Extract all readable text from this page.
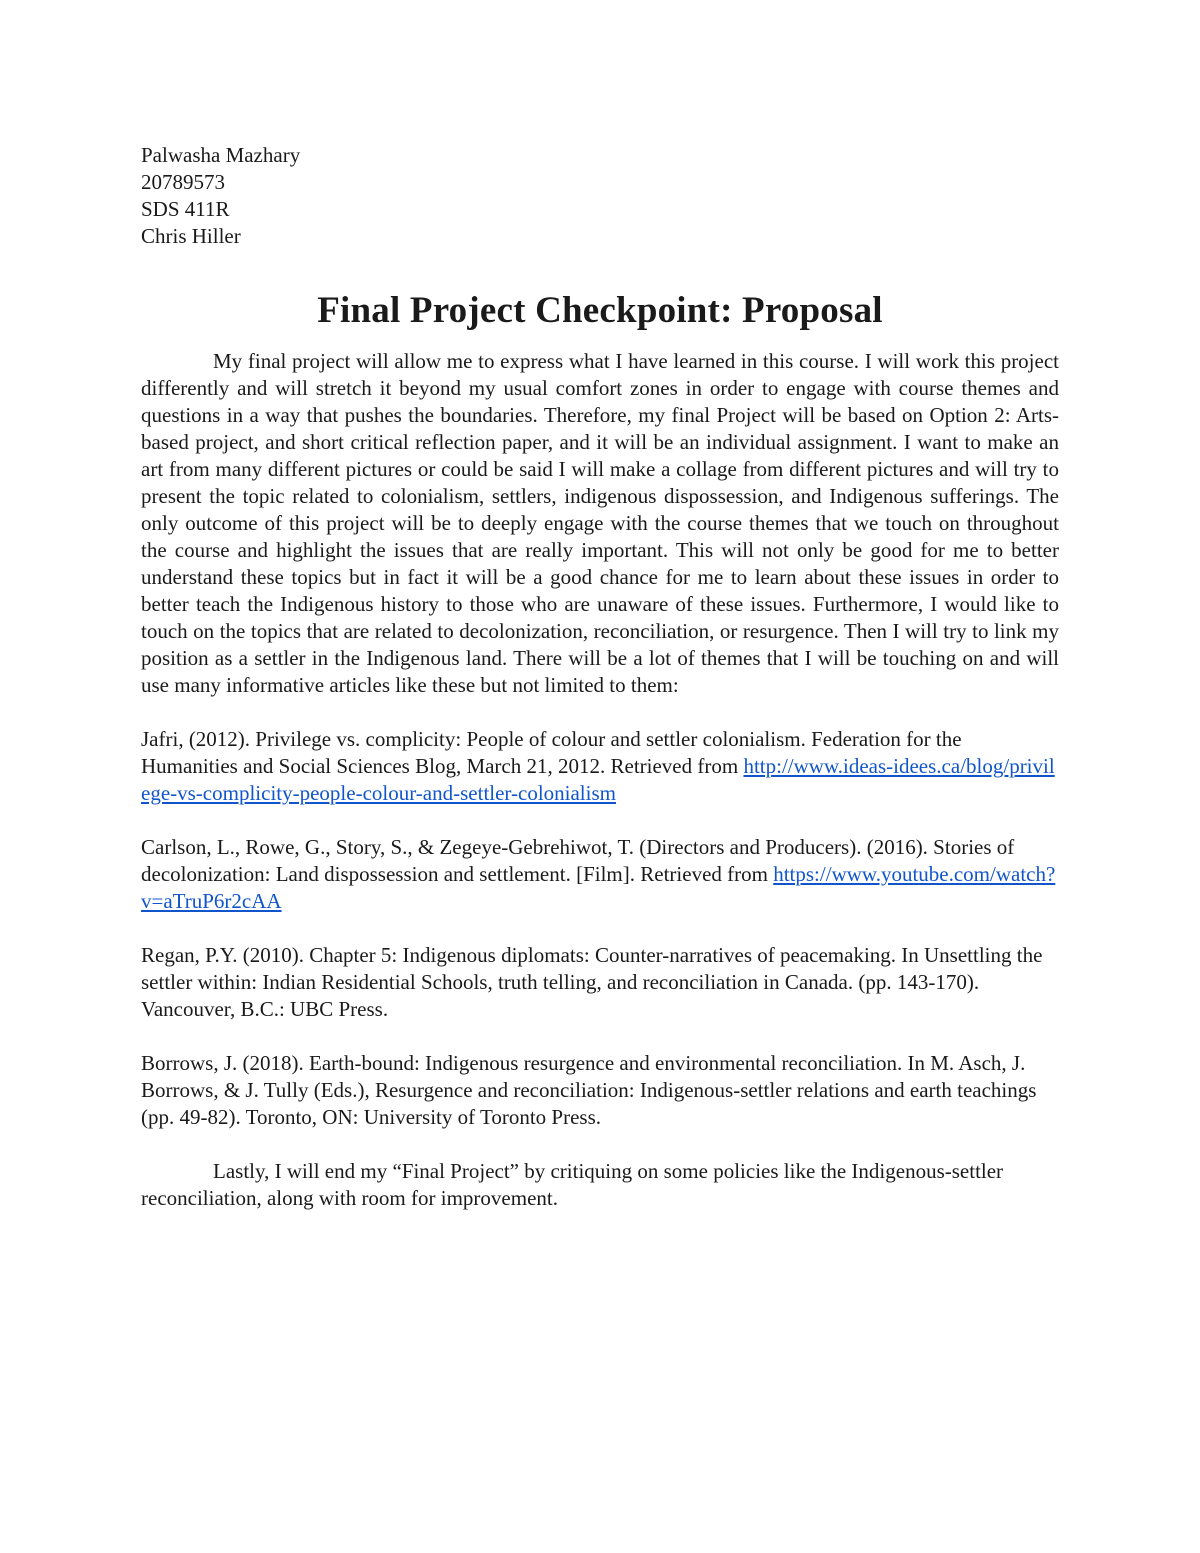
Palwasha Mazhary

20789573

SDS 411R

Chris Hiller

Final Project Checkpoint: Proposal

My final project will allow me to express what I have learned in this course. I will work this project differently and will stretch it beyond my usual comfort zones in order to engage with course themes and questions in a way that pushes the boundaries. Therefore, my final Project will be based on Option 2: Arts-based project, and short critical reflection paper, and it will be an individual assignment. I want to make an art from many different pictures or could be said I will make a collage from different pictures and will try to present the topic related to colonialism, settlers, indigenous dispossession, and Indigenous sufferings. The only outcome of this project will be to deeply engage with the course themes that we touch on throughout the course and highlight the issues that are really important. This will not only be good for me to better understand these topics but in fact it will be a good chance for me to learn about these issues in order to better teach the Indigenous history to those who are unaware of these issues. Furthermore, I would like to touch on the topics that are related to decolonization, reconciliation, or resurgence. Then I will try to link my position as a settler in the Indigenous land. There will be a lot of themes that I will be touching on and will use many informative articles like these but not limited to them:

Jafri, (2012). Privilege vs. complicity: People of colour and settler colonialism. Federation for the Humanities and Social Sciences Blog, March 21, 2012. Retrieved from http://www.ideas-idees.ca/blog/privilege-vs-complicity-people-colour-and-settler-colonialism

Carlson, L., Rowe, G., Story, S., & Zegeye-Gebrehiwot, T. (Directors and Producers). (2016). Stories of decolonization: Land dispossession and settlement. [Film]. Retrieved from https://www.youtube.com/watch?v=aTruP6r2cAA

Regan, P.Y. (2010). Chapter 5: Indigenous diplomats: Counter-narratives of peacemaking. In Unsettling the settler within: Indian Residential Schools, truth telling, and reconciliation in Canada. (pp. 143-170). Vancouver, B.C.: UBC Press.

Borrows, J. (2018). Earth-bound: Indigenous resurgence and environmental reconciliation. In M. Asch, J. Borrows, & J. Tully (Eds.), Resurgence and reconciliation: Indigenous-settler relations and earth teachings (pp. 49-82). Toronto, ON: University of Toronto Press.

Lastly, I will end my “Final Project” by critiquing on some policies like the Indigenous-settler reconciliation, along with room for improvement.
